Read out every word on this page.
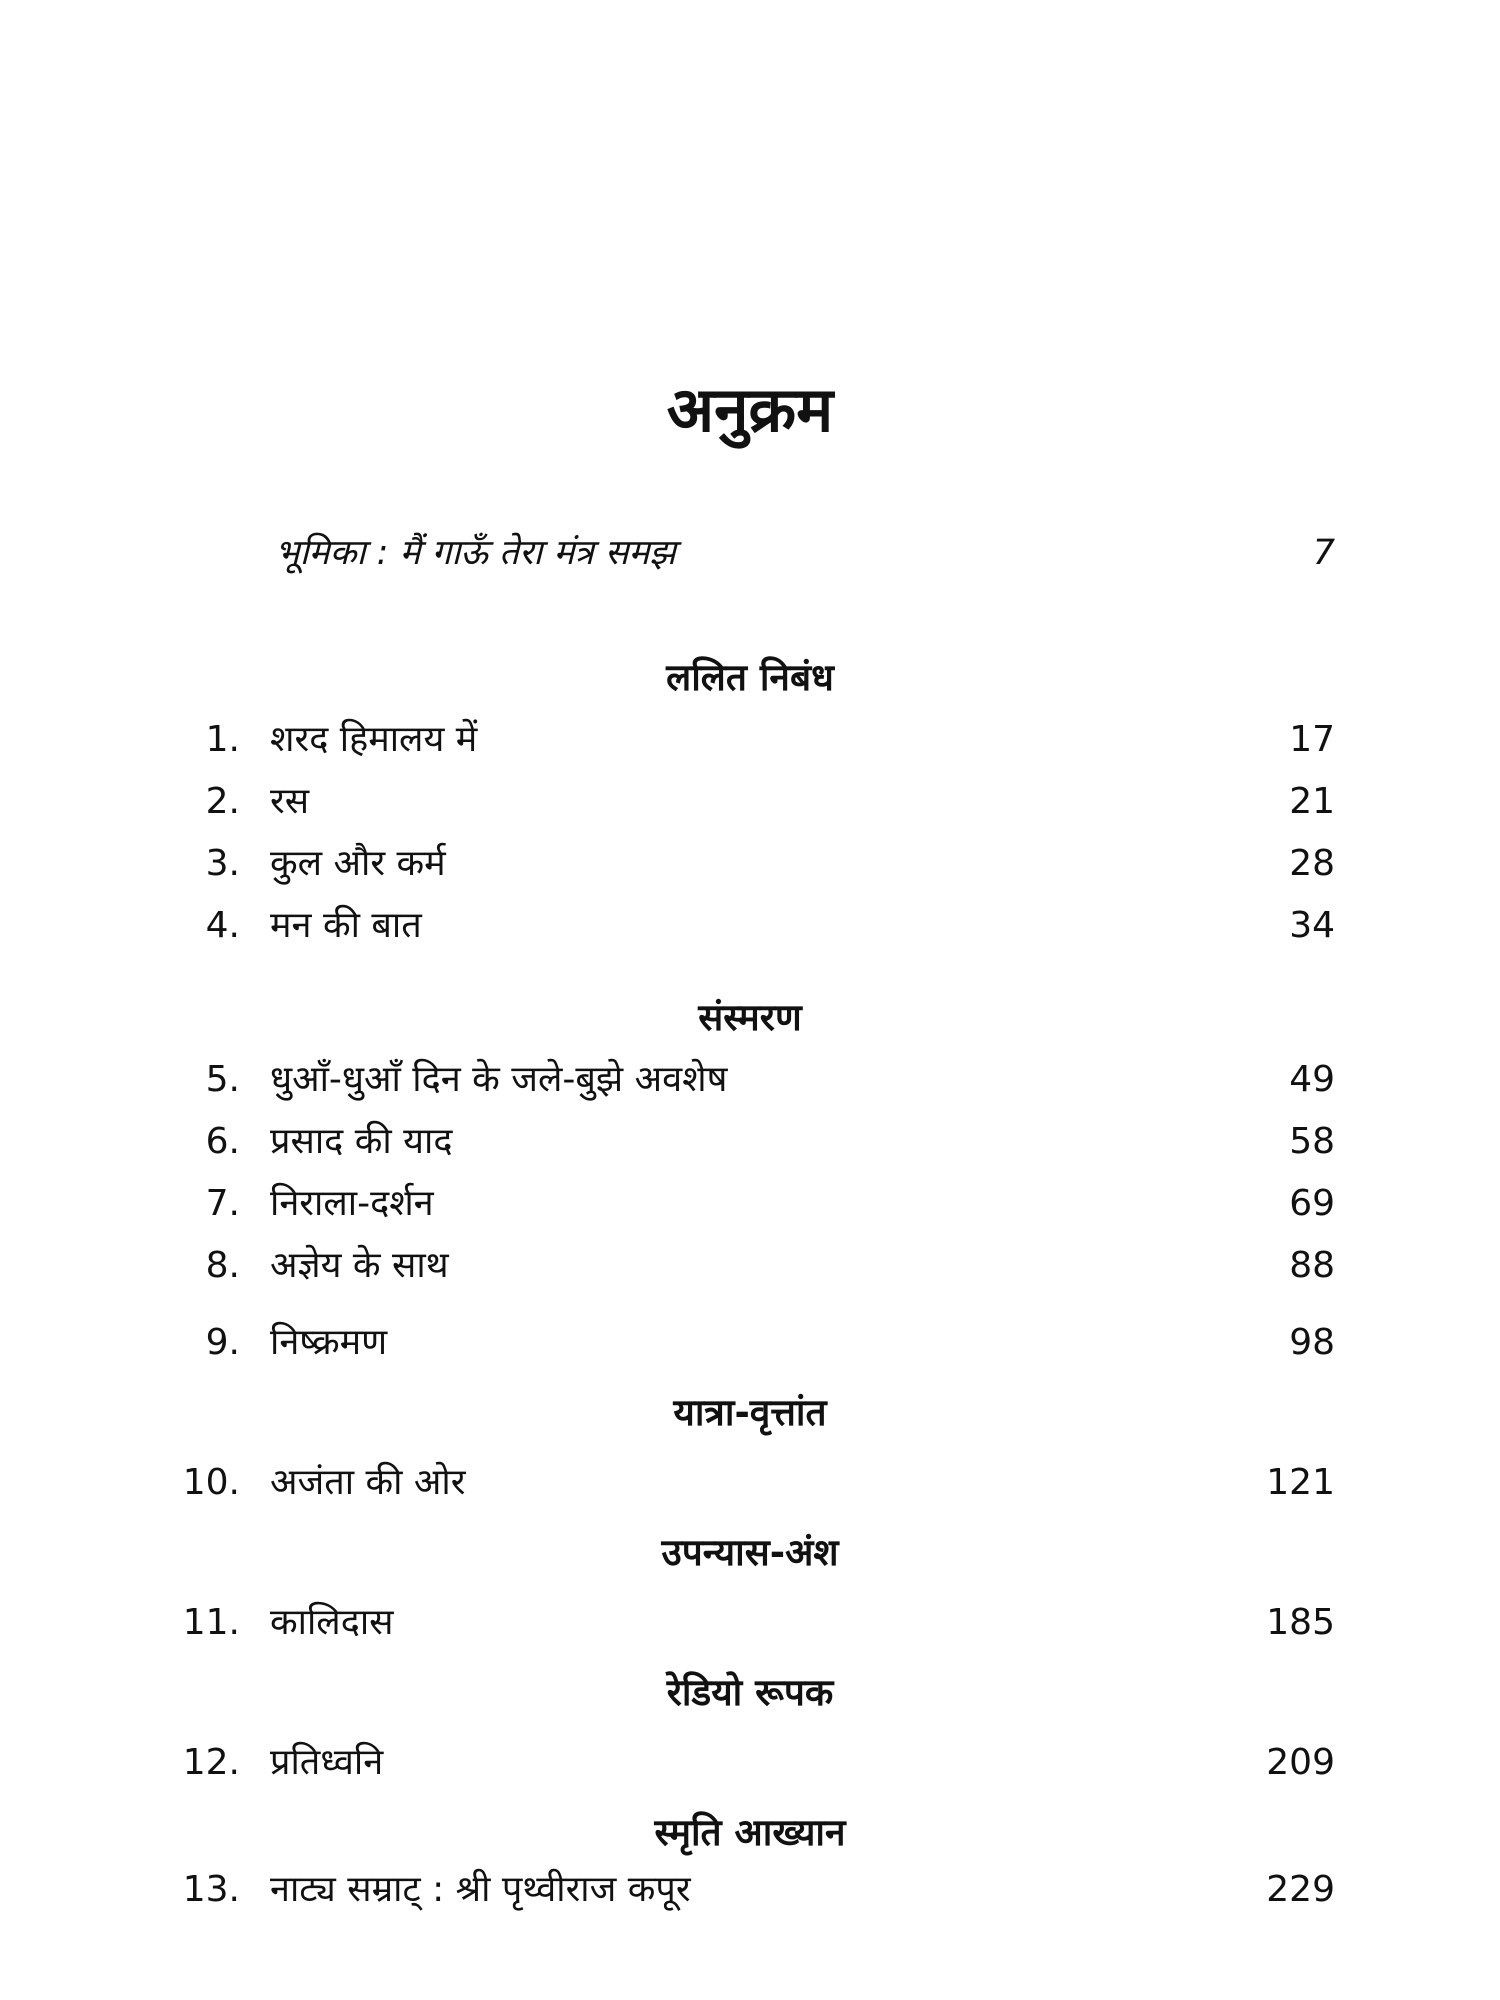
अनुक्रम
भूमिका : मैं गाऊँ तेरा मंत्र समझ	7
ललित निबंध
1. शरद हिमालय में	17
2. रस	21
3. कुल और कर्म	28
4. मन की बात	34
संस्मरण
5. धुआँ-धुआँ दिन के जले-बुझे अवशेष	49
6. प्रसाद की याद	58
7. निराला-दर्शन	69
8. अज्ञेय के साथ	88
9. निष्क्रमण	98
यात्रा-वृत्तांत
10. अजंता की ओर	121
उपन्यास-अंश
11. कालिदास	185
रेडियो रूपक
12. प्रतिध्वनि	209
स्मृति आख्यान
13. नाट्य सम्राट् : श्री पृथ्वीराज कपूर	229
